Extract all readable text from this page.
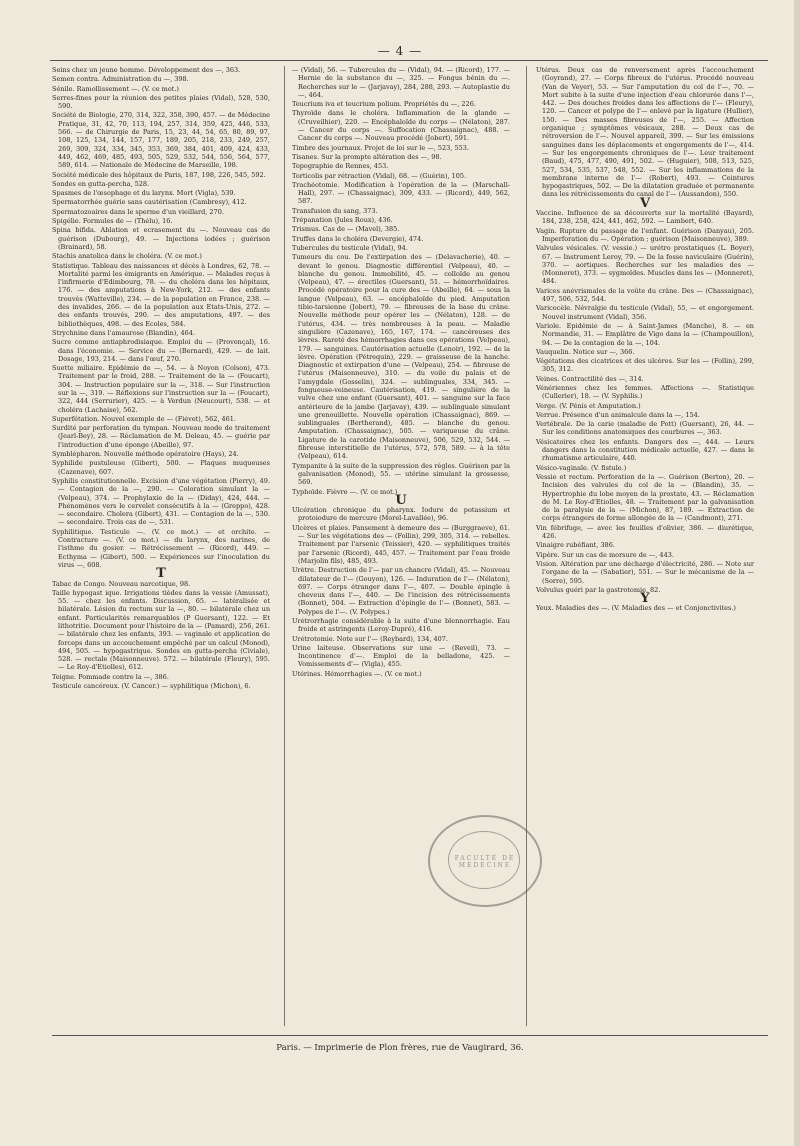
— 4 —

Seins chez un jeune homme. Développement des —, 363.

Semen contra. Administration du —, 398.

Sénile. Ramollissement —. (V. ce mot.)

Serres-fines pour la réunion des petites plaies (Vidal), 528, 530, 590.

Société de Biologie, 270, 314, 322, 358, 390, 457. — de Médecine Pratique, 31, 42, 70, 113, 194, 257, 314, 359, 425, 446, 533, 566. — de Chirurgie de Paris, 15, 23, 44, 54, 65, 80, 89, 97, 108, 125, 134, 144, 157, 177, 189, 205, 218, 233, 249, 257, 269, 309, 324, 334, 345, 353, 369, 384, 401, 409, 424, 433, 449, 462, 469, 485, 493, 505, 529, 532, 544, 556, 564, 577, 589, 614. — Nationale de Médecine de Marseille, 198.

Société médicale des hôpitaux de Paris, 187, 198, 226, 545, 592.

Sondes en gutta-percha, 528.

Spasmes de l'œsophage et du larynx. Mort (Vigla), 539.

Spermatorrhée guérie sans cautérisation (Cambresy), 412.

Spermatozoaires dans le sperme d'un vieillard, 270.

Spigélie. Formules de — (Thélu), 16.

Spina bifida. Ablation et ecrasement du —. Nouveau cas de guérison (Dubourg), 49. — Injections iodées ; guérison (Brainard), 58.

Stachis anatolica dans le choléra. (V. ce mot.)

Statistique. Tableau des naissances et décès à Londres, 62, 78. — Mortalité parmi les émigrants en Amérique. — Malades reçus à l'infirmerie d'Edimbourg, 78. — du choléra dans les hôpitaux, 176. — des amputations à New-York, 212. — des enfants trouvés (Watteville), 234. — de la population en France, 238. — des invalides, 266. — de la population aux Etats-Unis, 272. — des enfants trouvés, 290. — des amputations, 497. — des bibliothèques, 498. — des Ecoles, 584.

Strychnine dans l'amaurose (Blandin), 464.

Sucre comme antiaphrodisiaque. Emploi du — (Provençal), 16. dans l'économie. — Service du — (Bernard), 429. — de lait. Dosage, 193, 214. — dans l'œuf, 270.

Suette miliaire. Epidémie de —, 54. — à Noyon (Colson), 473. Traitement par le froid, 288. — Traitement de la — (Foucart), 304. — Instruction populaire sur la —, 318. — Sur l'instruction sur la —, 319. — Réflexions sur l'instruction sur la — (Foucart), 322, 444 (Serrurier), 425. — à Verdun (Neucourt), 538. — et choléra (Lachaise), 562.

Superfétation. Nouvel exemple de — (Fiévet), 562, 461.

Surdité par perforation du tympan. Nouveau mode de traitement (Jearl-Bey), 28. — Réclamation de M. Deleau, 45. — guérie par l'introduction d'une éponge (Abeille), 97.

Symblépharon. Nouvelle méthode opératoire (Hays), 24.

Syphilide pustuleuse (Gibert), 500. — Plaques muqueuses (Cazenave), 607.

Syphilis constitutionnelle. Excision d'une végétation (Pierry), 49. — Contagion de la —, 290. — Coloration simulant la — (Velpeau), 374. — Prophylaxie de la — (Diday), 424, 444. — Phénomènes vers le cervelet consécutifs à la — (Greppo), 428. — secondaire. Cholera (Gibert), 431. — Contagion de la —, 530. — secondaire. Trois cas de —, 531.

Syphilitique. Testicule —. (V. ce mot.) — et orchite. — Contracture —. (V. ce mot.) — du larynx, des narines, de l'isthme du gosier. — Rétrécissement — (Ricord), 449. — Ecthyma — (Gibert), 500. — Expériences sur l'inoculation du virus —, 608.

T

Tabac de Congo. Nouveau narcotique, 98.

Taille hypogast ique. Irrigations tièdes dans la vessie (Amussat), 55. — chez les enfants. Discussion, 65. — latéralisée et bilatérale. Lésion du rectum sur la —, 80. — bilatérale chez un enfant. Particularités remarquables (P Guersant), 122. — Et lithotritie. Document pour l'histoire de la — (Pamard), 256, 261. — bilatérale chez les enfants, 393. — vaginale et application de forceps dans un accouchement empêché par un calcul (Monod), 494, 505. — hypogastrique. Sondes en gutta-percha (Civiale), 528. — rectale (Maisonneuve). 572. — bilatérale (Fleury), 595. — Le Roy-d'Etiolles), 612.

Teigne. Pommade contre la —, 386.

Testicule cancéreux. (V. Cancer.) — syphilitique (Michon), 6.

— (Vidal), 56. — Tubercules du — (Vidal), 94. — (Ricord), 177. — Hernie de la substance du —, 325. — Fongus bénin du —. Recherches sur le — (Jarjavay), 284, 288, 293. — Autoplastie du —, 464.

Teucrium iva et teucrium polium. Propriétés du —, 226.

Thyroïde dans le choléra. Inflammation de la glande — (Cruveilhier), 220. — Encéphaloïde du corps — (Nélaton), 287. — Cancer du corps —. Suffocation (Chassaignac), 488. — Cancer du corps —. Nouveau procédé (Jobert), 591.

Timbre des journaux. Projet de loi sur le —, 523, 553.

Tisanes. Sur la prompte altération des —, 98.

Topographie de Rennes, 453.

Torticolis par rétraction (Vidal), 68. — (Guérin), 105.

Trachéotomie. Modification à l'opération de la — (Marschall-Hall), 297. — (Chassaignac), 309, 433. — (Ricord), 449, 562, 587.

Transfusion du sang, 373.

Trépanation (Jules Roux), 436.

Trismus. Cas de — (Mavel), 385.

Truffes dans le choléra (Devergie), 474.

Tubercules du testicule (Vidal), 94.

Tumeurs du cou. De l'extirpation des — (Delavacherie), 40. — devant le genou. Diagnostic différentiel (Velpeau), 40. — blanche du genou. Immobilité, 45. — colloïde au genou (Velpeau), 47. — érectiles (Guersant), 51. — hémorrhoïdaires. Procédé opératoire pour la cure des — (Abeille), 64. — sous la langue (Velpeau), 63. — encéphaloïde du pied. Amputation tibio-tarsienne (Jobert), 79. — fibreuses de la base du crâne. Nouvelle méthode pour opérer les — (Nélaton), 128. — de l'utérus, 434. — très nombreuses à la peau. — Maladie singulière (Cazenave), 165, 167, 174. — cancéreuses des lèvres. Rareté des hémorrhagies dans ces opérations (Velpeau), 179. — sanguines. Cautérisation actuelle (Lenoir), 192. — de la lèvre. Opération (Pétrequin), 229. — graisseuse de la hanche. Diagnostic et extirpation d'une — (Velpeau), 254. — fibreuse de l'utérus (Maisonneuve), 310. — du voile du palais et de l'amygdale (Gosselin), 324. — sublinguales, 334, 345. — fongueuse-veineuse. Cautérisation, 419. — singulière de la vulve chez une enfant (Guersant), 401. — sanguine sur la face antérieure de la jambe (Jarjavay), 439. — sublinguale simulant une grenouillette. Nouvelle opération (Chassaignac), 869. — sublinguales (Bertherand), 485. — blanche du genou. Amputation. (Chassaignac), 505. — variqueuse du crâne. Ligature de la carotide (Maisonneuve), 506, 529, 532, 544. — fibreuse interstitielle de l'utérus, 572, 578, 589. — à la tête (Velpeau), 614.

Tympanite à la suite de la suppression des règles. Guérison par la galvanisation (Monod), 55. — utérine simulant la grossesse, 569.

Typhoïde. Fièvre —. (V. ce mot.)

U

Ulcération chronique du pharynx. Iodure de potassium et protoiodure de mercure (Morel-Lavallée), 96.

Ulcères et plaies. Pansement à demeure des — (Burggraeve), 61. — Sur les végétations des — (Follin), 299, 305, 314. — rebelles. Traitement par l'arsenic (Teissier), 420. — syphilitiques traités par l'arsenic (Ricord), 445, 457. — Traitement par l'eau froide (Marjolin fils), 485, 493.

Urètre. Destruction de l'— par un chancre (Vidal), 45. — Nouveau dilatateur de l'— (Gouyon), 126. — Induration de l'— (Nélaton), 697. — Corps étranger dans l'—, 407. — Double épingle à cheveux dans l'—, 440. — De l'incision des rétrécissements (Bonnet), 504. — Extraction d'épingle de l'— (Bonnet), 583. — Polypes de l'—. (V. Polypes.)

Urétrorrhagie considérable à la suite d'une blennorrhagie. Eau froide et astringents (Leroy-Dupré), 416.

Urétrotomie. Note sur l'— (Reybard), 134, 407.

Urine laiteuse. Observations sur une — (Reveil), 73. — Incontinence d'—. Emploi de la belladone, 425. — Vomissements d'— (Vigla), 455.

Utérines. Hémorrhagies —. (V. ce mot.)

Utérus. Deux cas de renversement après l'accouchement (Goyrand), 27. — Corps fibreux de l'utérus. Procédé nouveau (Van de Veyer), 53. — Sur l'amputation du col de l'—, 70. — Mort subite à la suite d'une injection d'eau chlorurée dans l'—, 442. — Des douches froides dans les affections de l'— (Fleury), 120. — Cancer et polype de l'— enlevé par la ligature (Hullier), 150. — Des masses fibreuses de l'—, 255. — Affection organique ; symptômes vésicaux, 288. — Deux cas de rétroversion de l'—. Nouvel appareil, 399. — Sur les émissions sanguines dans les déplacements et engorgements de l'—, 414. — Sur les engorgements chroniques de l'—. Leur traitement (Baud), 475, 477, 490, 491, 502. — (Huguier), 508, 513, 525, 527, 534, 535, 537, 548, 552. — Sur les inflammations de la membrane interne de l'— (Robert), 493. — Ceintures hypogastriques, 502. — De la dilatation graduée et permanente dans les rétrécissements du canal de l'— (Aussandon), 550.

V

Vaccine. Influence de sa découverte sur la mortalité (Bayard), 184, 238, 258, 424, 441, 462, 592. — Lambert, 640.

Vagin. Rupture du passage de l'enfant. Guérison (Danyau), 205. Imperforation du —. Opération ; guérison (Maisonneuve), 389.

Valvules vésicales. (V. vessie.) — urétro prostatiques (L. Boyer), 67. — Instrument Leroy, 79. — De la fosse naviculaire (Guérin), 370. — aortiques. Recherches sur les maladies des — (Monneret), 373. — sygmoïdes. Muscles dans les — (Monneret), 484.

Varices anévrismales de la voûte du crâne. Des — (Chassaignac), 497, 506, 532, 544.

Varicocèle. Névralgie du testicule (Vidal), 55, — et engorgement. Nouvel instrument (Vidal), 356.

Variole. Epidémie de — à Saint-James (Manche), 8. — en Normandie, 31. — Emplâtre de Vigo dans la — (Champouillon), 94. — De la contagion de la —, 104.

Vauquelin. Notice sur —, 366.

Végétations des cicatrices et des ulcères. Sur les — (Follin), 299, 305, 312.

Veines. Contractilité des —, 314.

Vénériennes chez les femmes. Affections —. Statistique (Cullerier), 18. — (V. Syphilis.)

Verge. (V. Pénis et Amputation.)

Verrue. Présence d'un animalcule dans la —, 154.

Vertébrale. De la carie (maladie de Pott) (Guersant), 26, 44. — Sur les conditions anatomiques des courbures —, 363.

Vésicatoires chez les enfants. Dangers des —, 444. — Leurs dangers dans la constitution médicale actuelle, 427. — dans le rhumatisme articulaire, 440.

Vésico-vaginale. (V. fistule.)

Vessie et rectum. Perforation de la —. Guérison (Berton), 20. — Incision des valvules du col de la — (Blandin), 35. — Hypertrophie du lobe moyen de la prostate, 43. — Réclamation de M. Le Roy-d'Etiolles, 48. — Traitement par la galvanisation de la paralysie de la — (Michon), 87, 189. — Extraction de corps étrangers de forme allongée de la — (Candmont), 271.

Vin fébrifuge, — avec les feuilles d'olivier, 386. — diurétique, 426.

Vinaigre rubéfiant, 386.

Vipère. Sur un cas de morsure de —, 443.

Vision. Altération par une décharge d'électricité, 286. — Note sur l'organe de la — (Sabatier), 551. — Sur le mécanisme de la — (Sorre), 595.

Volvulus guéri par la gastrotomie, 82.

Y

Yeux. Maladies des —. (V. Maladies des — et Conjonctivites.)

FACULTÉ DE MÉDECINE
Paris. — Imprimerie de Plon frères, rue de Vaugirard, 36.
